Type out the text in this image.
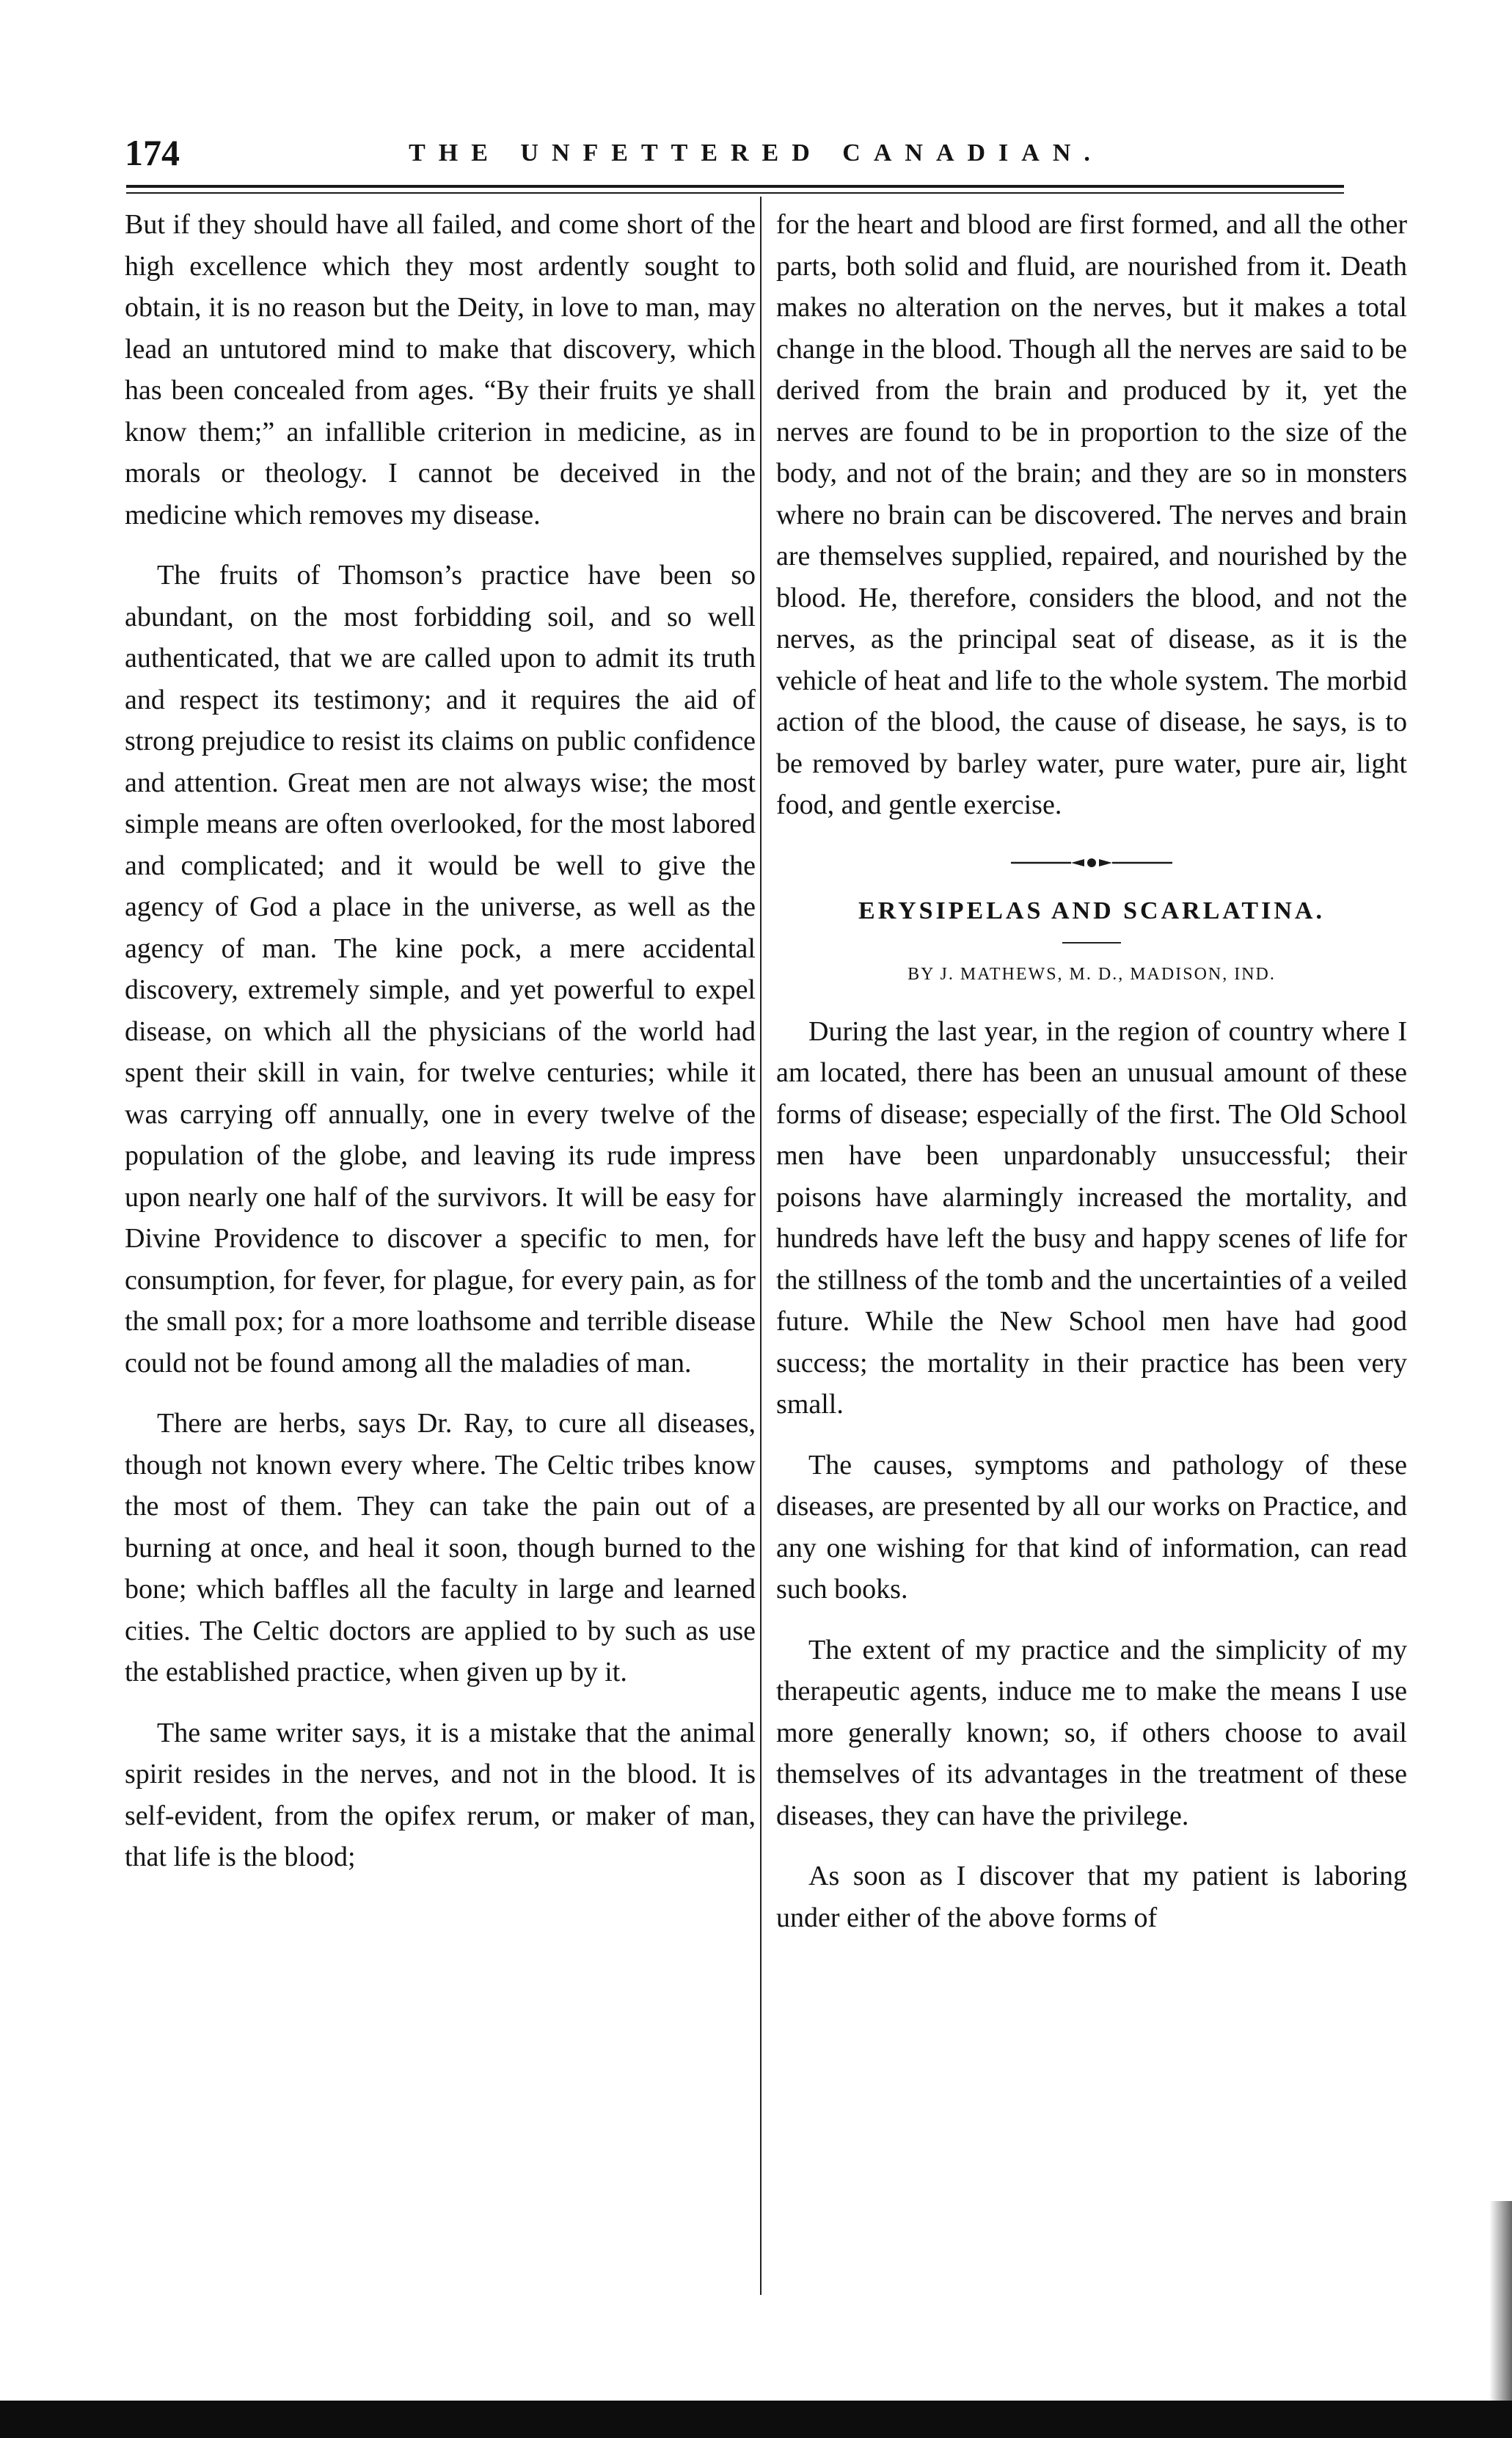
174	THE UNFETTERED CANADIAN.

But if they should have all failed, and come short of the high excellence which they most ardently sought to obtain, it is no reason but the Deity, in love to man, may lead an untutored mind to make that discovery, which has been concealed from ages. “By their fruits ye shall know them;” an infallible criterion in medicine, as in morals or theology. I cannot be deceived in the medicine which removes my disease.

The fruits of Thomson’s practice have been so abundant, on the most forbidding soil, and so well authenticated, that we are called upon to admit its truth and respect its testimony; and it requires the aid of strong prejudice to resist its claims on public confidence and attention. Great men are not always wise; the most simple means are often overlooked, for the most labored and complicated; and it would be well to give the agency of God a place in the universe, as well as the agency of man. The kine pock, a mere accidental discovery, extremely simple, and yet powerful to expel disease, on which all the physicians of the world had spent their skill in vain, for twelve centuries; while it was carrying off annually, one in every twelve of the population of the globe, and leaving its rude impress upon nearly one half of the survivors. It will be easy for Divine Providence to discover a specific to men, for consumption, for fever, for plague, for every pain, as for the small pox; for a more loathsome and terrible disease could not be found among all the maladies of man.

There are herbs, says Dr. Ray, to cure all diseases, though not known every where. The Celtic tribes know the most of them. They can take the pain out of a burning at once, and heal it soon, though burned to the bone; which baffles all the faculty in large and learned cities. The Celtic doctors are applied to by such as use the established practice, when given up by it.

The same writer says, it is a mistake that the animal spirit resides in the nerves, and not in the blood. It is self-evident, from the opifex rerum, or maker of man, that life is the blood;

for the heart and blood are first formed, and all the other parts, both solid and fluid, are nourished from it. Death makes no alteration on the nerves, but it makes a total change in the blood. Though all the nerves are said to be derived from the brain and produced by it, yet the nerves are found to be in proportion to the size of the body, and not of the brain; and they are so in monsters where no brain can be discovered. The nerves and brain are themselves supplied, repaired, and nourished by the blood. He, therefore, considers the blood, and not the nerves, as the principal seat of disease, as it is the vehicle of heat and life to the whole system. The morbid action of the blood, the cause of disease, he says, is to be removed by barley water, pure water, pure air, light food, and gentle exercise.

ERYSIPELAS AND SCARLATINA.
BY J. MATHEWS, M. D., MADISON, IND.

During the last year, in the region of country where I am located, there has been an unusual amount of these forms of disease; especially of the first. The Old School men have been unpardonably unsuccessful; their poisons have alarmingly increased the mortality, and hundreds have left the busy and happy scenes of life for the stillness of the tomb and the uncertainties of a veiled future. While the New School men have had good success; the mortality in their practice has been very small.

The causes, symptoms and pathology of these diseases, are presented by all our works on Practice, and any one wishing for that kind of information, can read such books.

The extent of my practice and the simplicity of my therapeutic agents, induce me to make the means I use more generally known; so, if others choose to avail themselves of its advantages in the treatment of these diseases, they can have the privilege.

As soon as I discover that my patient is laboring under either of the above forms of
